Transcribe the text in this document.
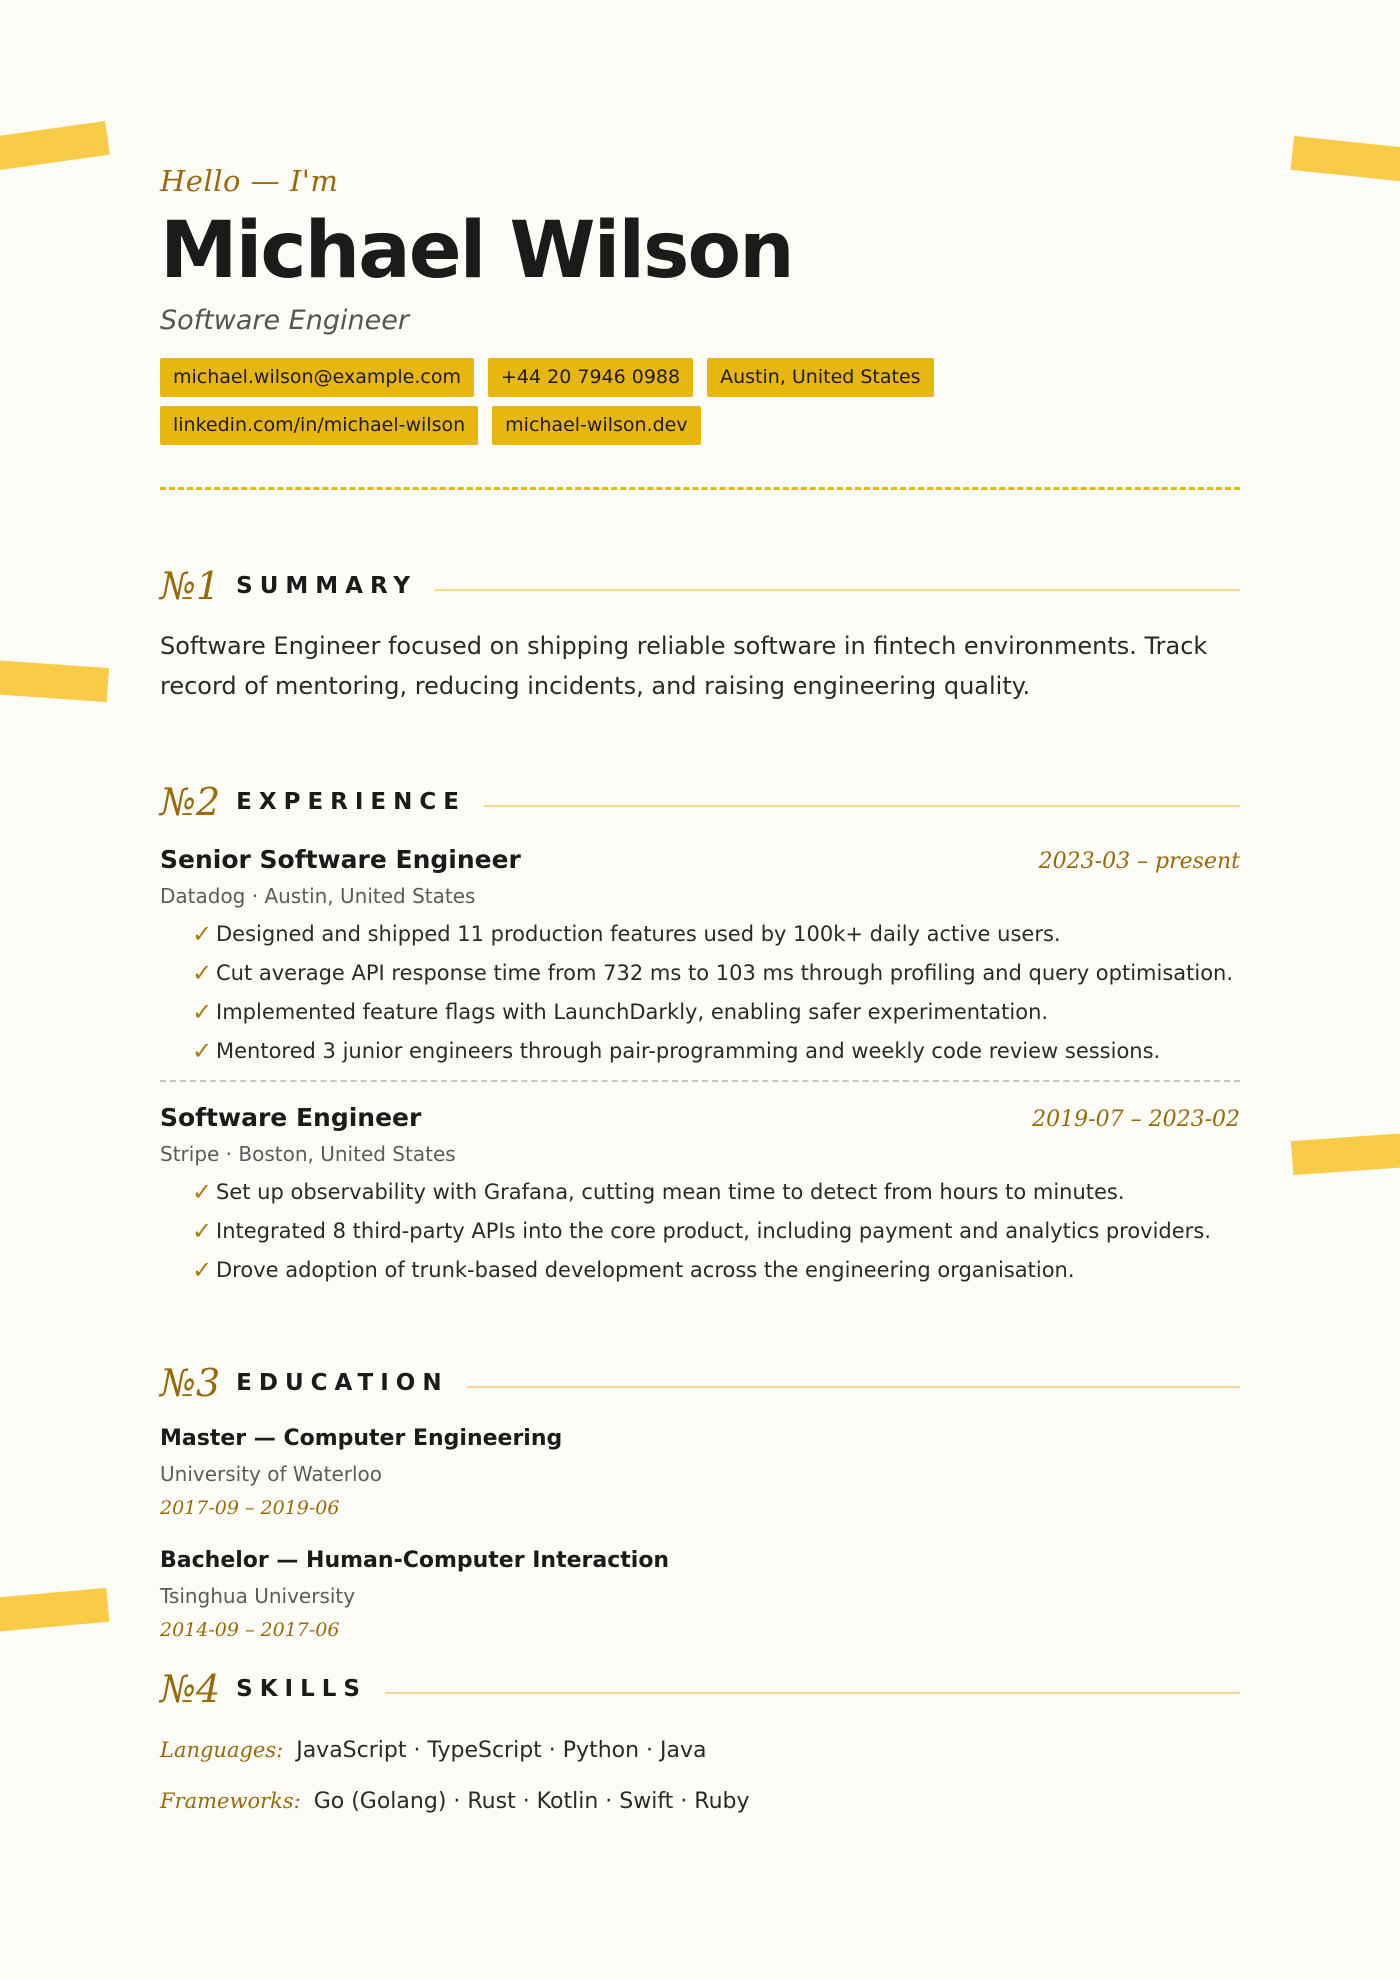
Hello — I'm
Michael Wilson
Software Engineer
michael.wilson@example.com	+44 20 7946 0988	Austin, United States
linkedin.com/in/michael-wilson	michael-wilson.dev
№1 SUMMARY
Software Engineer focused on shipping reliable software in fintech environments. Track record of mentoring, reducing incidents, and raising engineering quality.
№2 EXPERIENCE
Senior Software Engineer	2023-03 – present
Datadog · Austin, United States
✓ Designed and shipped 11 production features used by 100k+ daily active users.
✓ Cut average API response time from 732 ms to 103 ms through profiling and query optimisation.
✓ Implemented feature flags with LaunchDarkly, enabling safer experimentation.
✓ Mentored 3 junior engineers through pair-programming and weekly code review sessions.
Software Engineer	2019-07 – 2023-02
Stripe · Boston, United States
✓ Set up observability with Grafana, cutting mean time to detect from hours to minutes.
✓ Integrated 8 third-party APIs into the core product, including payment and analytics providers.
✓ Drove adoption of trunk-based development across the engineering organisation.
№3 EDUCATION
Master — Computer Engineering
University of Waterloo
2017-09 – 2019-06
Bachelor — Human-Computer Interaction
Tsinghua University
2014-09 – 2017-06
№4 SKILLS
Languages: JavaScript · TypeScript · Python · Java
Frameworks: Go (Golang) · Rust · Kotlin · Swift · Ruby
